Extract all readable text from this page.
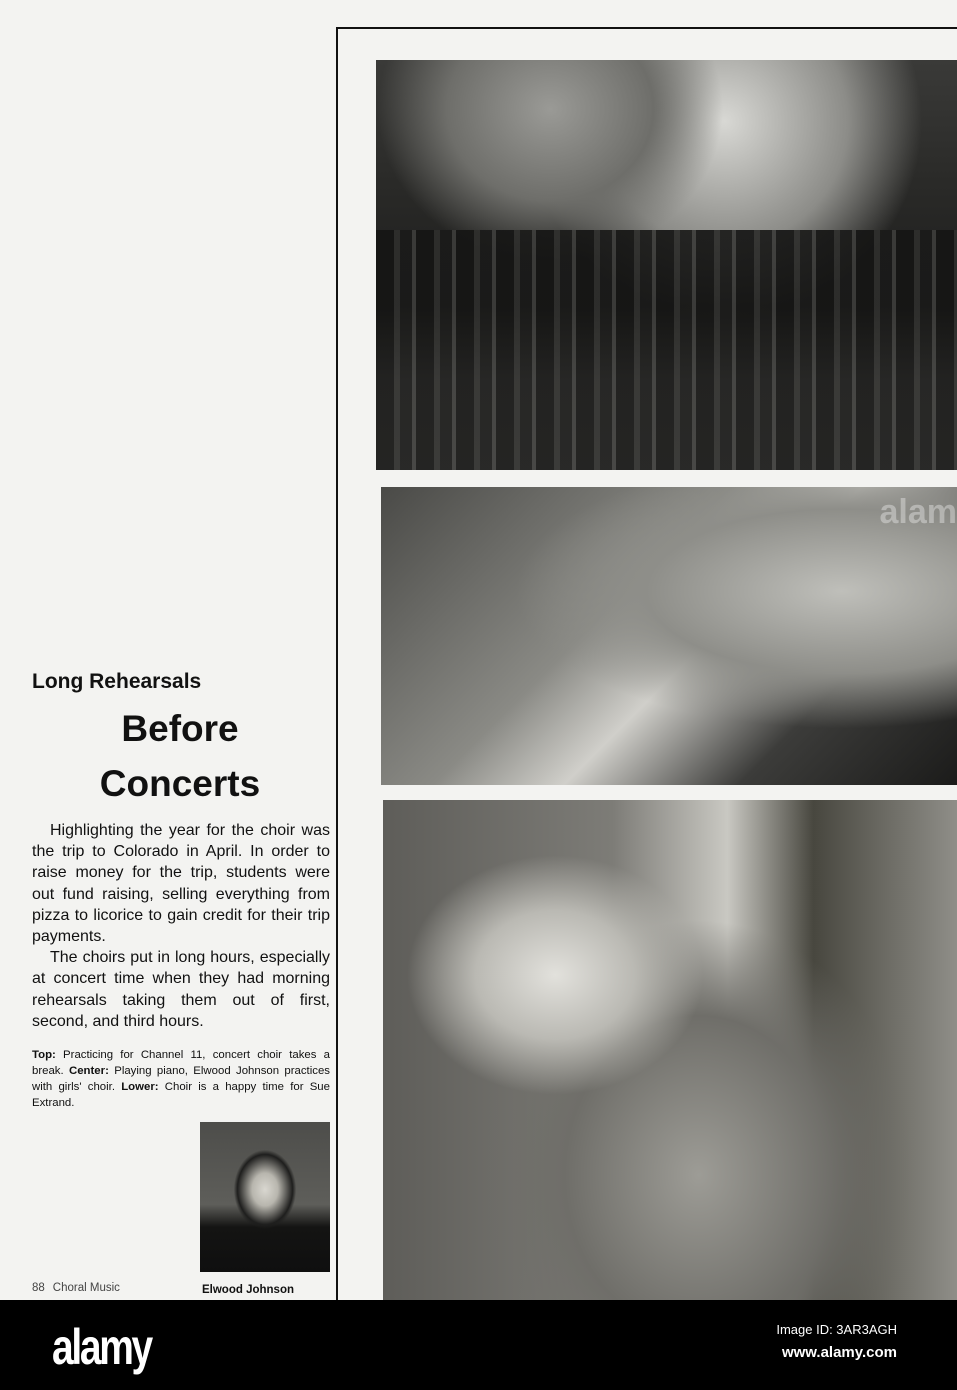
alam
Long Rehearsals
Before
Concerts

Highlighting the year for the choir was the trip to Colorado in April. In order to raise money for the trip, students were out fund raising, selling everything from pizza to licorice to gain credit for their trip payments.

The choirs put in long hours, especially at concert time when they had morning rehearsals taking them out of first, second, and third hours.

Top: Practicing for Channel 11, concert choir takes a break. Center: Playing piano, Elwood Johnson practices with girls' choir. Lower: Choir is a happy time for Sue Extrand.
Elwood Johnson
88 Choral Music
alamy	Image ID: 3AR3AGH
www.alamy.com
